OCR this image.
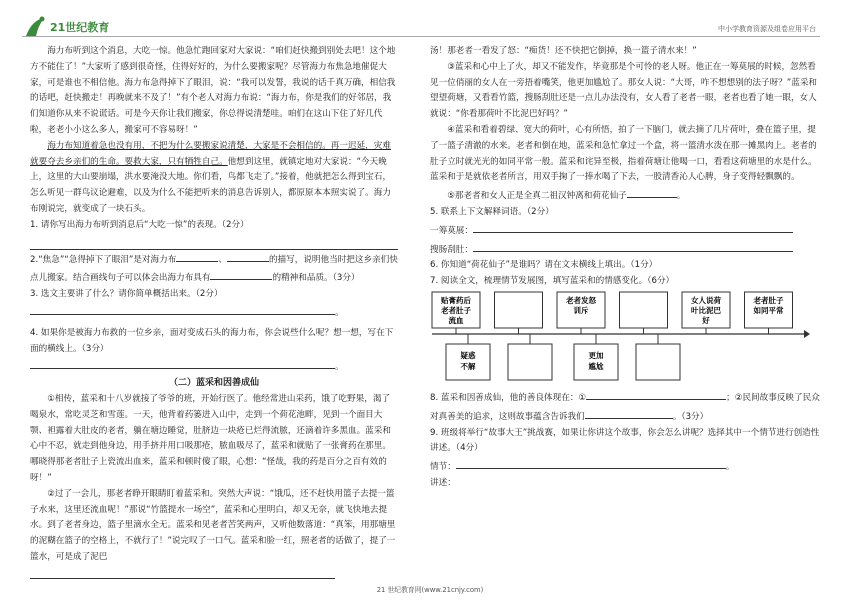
21世纪教育	中小学教育资源及组卷应用平台

海力布听到这个消息，大吃一惊。他急忙跑回家对大家说：“咱们赶快搬到别处去吧！这个地方不能住了！”大家听了感到很奇怪，住得好好的，为什么要搬家呢？尽管海力布焦急地催促大家，可是谁也不相信他。海力布急得掉下了眼泪，说：“我可以发誓，我说的话千真万确，相信我的话吧，赶快搬走！再晚就来不及了！”有个老人对海力布说：“海力布，你是我们的好邻居，我们知道你从来不说谎话。可是今天你让我们搬家，你总得说清楚哇。咱们在这山下住了好几代啦，老老小小这么多人，搬家可不容易呀！”

海力布知道着急也没有用，不把为什么要搬家说清楚，大家是不会相信的。再一迟延，灾难就要夺去乡亲们的生命。要救大家，只有牺牲自己。他想到这里，就镇定地对大家说：“今天晚上，这里的大山要崩塌，洪水要淹没大地。你们看，鸟都飞走了。”接着，他就把怎么得到宝石，怎么听见一群鸟议论避难，以及为什么不能把听来的消息告诉别人，都原原本本照实说了。海力布刚说完，就变成了一块石头。

1. 请你写出海力布听到消息后“大吃一惊”的表现。（2分）

2.“焦急”“急得掉下了眼泪”是对海力布	、	的描写，说明他当时把这乡亲们快点儿搬家。结合画线句子可以体会出海力布具有	的精神和品质。（3分）

3. 选文主要讲了什么？请你简单概括出来。（2分）

。

4. 如果你是被海力布救的一位乡亲，面对变成石头的海力布，你会说些什么呢？想一想，写在下面的横线上。（3分）

。

（二）蓝采和因善成仙

①相传，蓝采和十八岁就接了爷爷的班，开始行医了。他经常进山采药，饿了吃野果，渴了喝泉水，常吃灵芝和雪莲。一天，他背着药篓进入山中，走到一个荷花池畔，见到一个面目大颚、袒露着大肚皮的老者，躺在塘边睡觉，肚脐边一块疮已烂得流脓，还滴着许多黑血。蓝采和心中不忍，就走到他身边，用手挤并用口吸那疮，脓血吸尽了，蓝采和就贴了一张膏药在那里。哪晓得那老者肚子上瓷流出血来，蓝采和顿时傻了眼，心想：“怪哉，我的药是百分之百有效的呀！”

②过了一会儿，那老者睁开眼睛盯着蓝采和。突然大声说：“饿瓜，还不赶快用篮子去提一篮子水来，这里还流血呢！”那说“竹篮提水一场空”，蓝采和心里明白，却又无奈，就飞快地去提水。到了老者身边，篮子里滴水全无。蓝采和见老者苦笑两声，又听他数落道：“真笨，用那塘里的泥糊在篮子的空格上，不就行了！”说完叹了一口气。蓝采和脸一红，照老者的话做了，提了一篮水，可是成了泥巴

汤！那老者一看发了怒：“痴货！还不快把它倒掉，换一篮子清水来！”

③蓝采和心中上了火，却又不能发作，毕竟那是个可怜的老人呀。他正在一筹莫展的时候，忽然看见一位俏丽的女人在一旁捂着嘴笑，他更加尴尬了。那女人说：“大哥，咋不想想别的法子呀？”蓝采和望望荷塘，又看看竹篮，搜肠刮肚还是一点儿办法没有，女人看了老者一眼，老者也看了她一眼，女人就说：“你看那荷叶不比泥巴好吗？”

④蓝采和看着碧绿、宽大的荷叶，心有所悟，拍了一下脑门，就去摘了几片荷叶，叠在篮子里，提了一篮子清澈的水来。老者和倒在地，蓝采和急忙拿过一个盒，将一篮清水泼在那一摊黑肉上。老者的肚子立时就光光的如同平常一般。蓝采和诧异至极，指着荷塘让他喝一口，看看这荷塘里的水是什么。蓝采和于是就依老者所言，用双手掬了一捧水喝了下去，一股清香沁人心脾，身子变得轻飘飘的。

⑤那老者和女人正是全真二祖汉钟离和荷花仙子	。

5. 联系上下文解释词语。（2分）

一筹莫展：
搜肠刮肚：

6. 你知道“荷花仙子”是谁吗？请在文末横线上填出。（1分）

7. 阅读全文，梳理情节发展图，填写蓝采和的情感变化。（6分）

贴膏药后
老者肚子
流血
老者发怒
训斥
女人说荷
叶比泥巴
好
老者肚子
如同平常
疑惑
不解
更加
尴尬

8. 蓝采和因善成仙，他的善良体现在：①	；②民间故事反映了民众对真善美的追求，这则故事蕴含告诉我们	。（3分）

9. 班级将举行“故事大王”挑战赛，如果让你讲这个故事，你会怎么讲呢？选择其中一个情节进行创造性讲述。（4分）

情节：	。
讲述：
21 世纪教育网(www.21cnjy.com)
